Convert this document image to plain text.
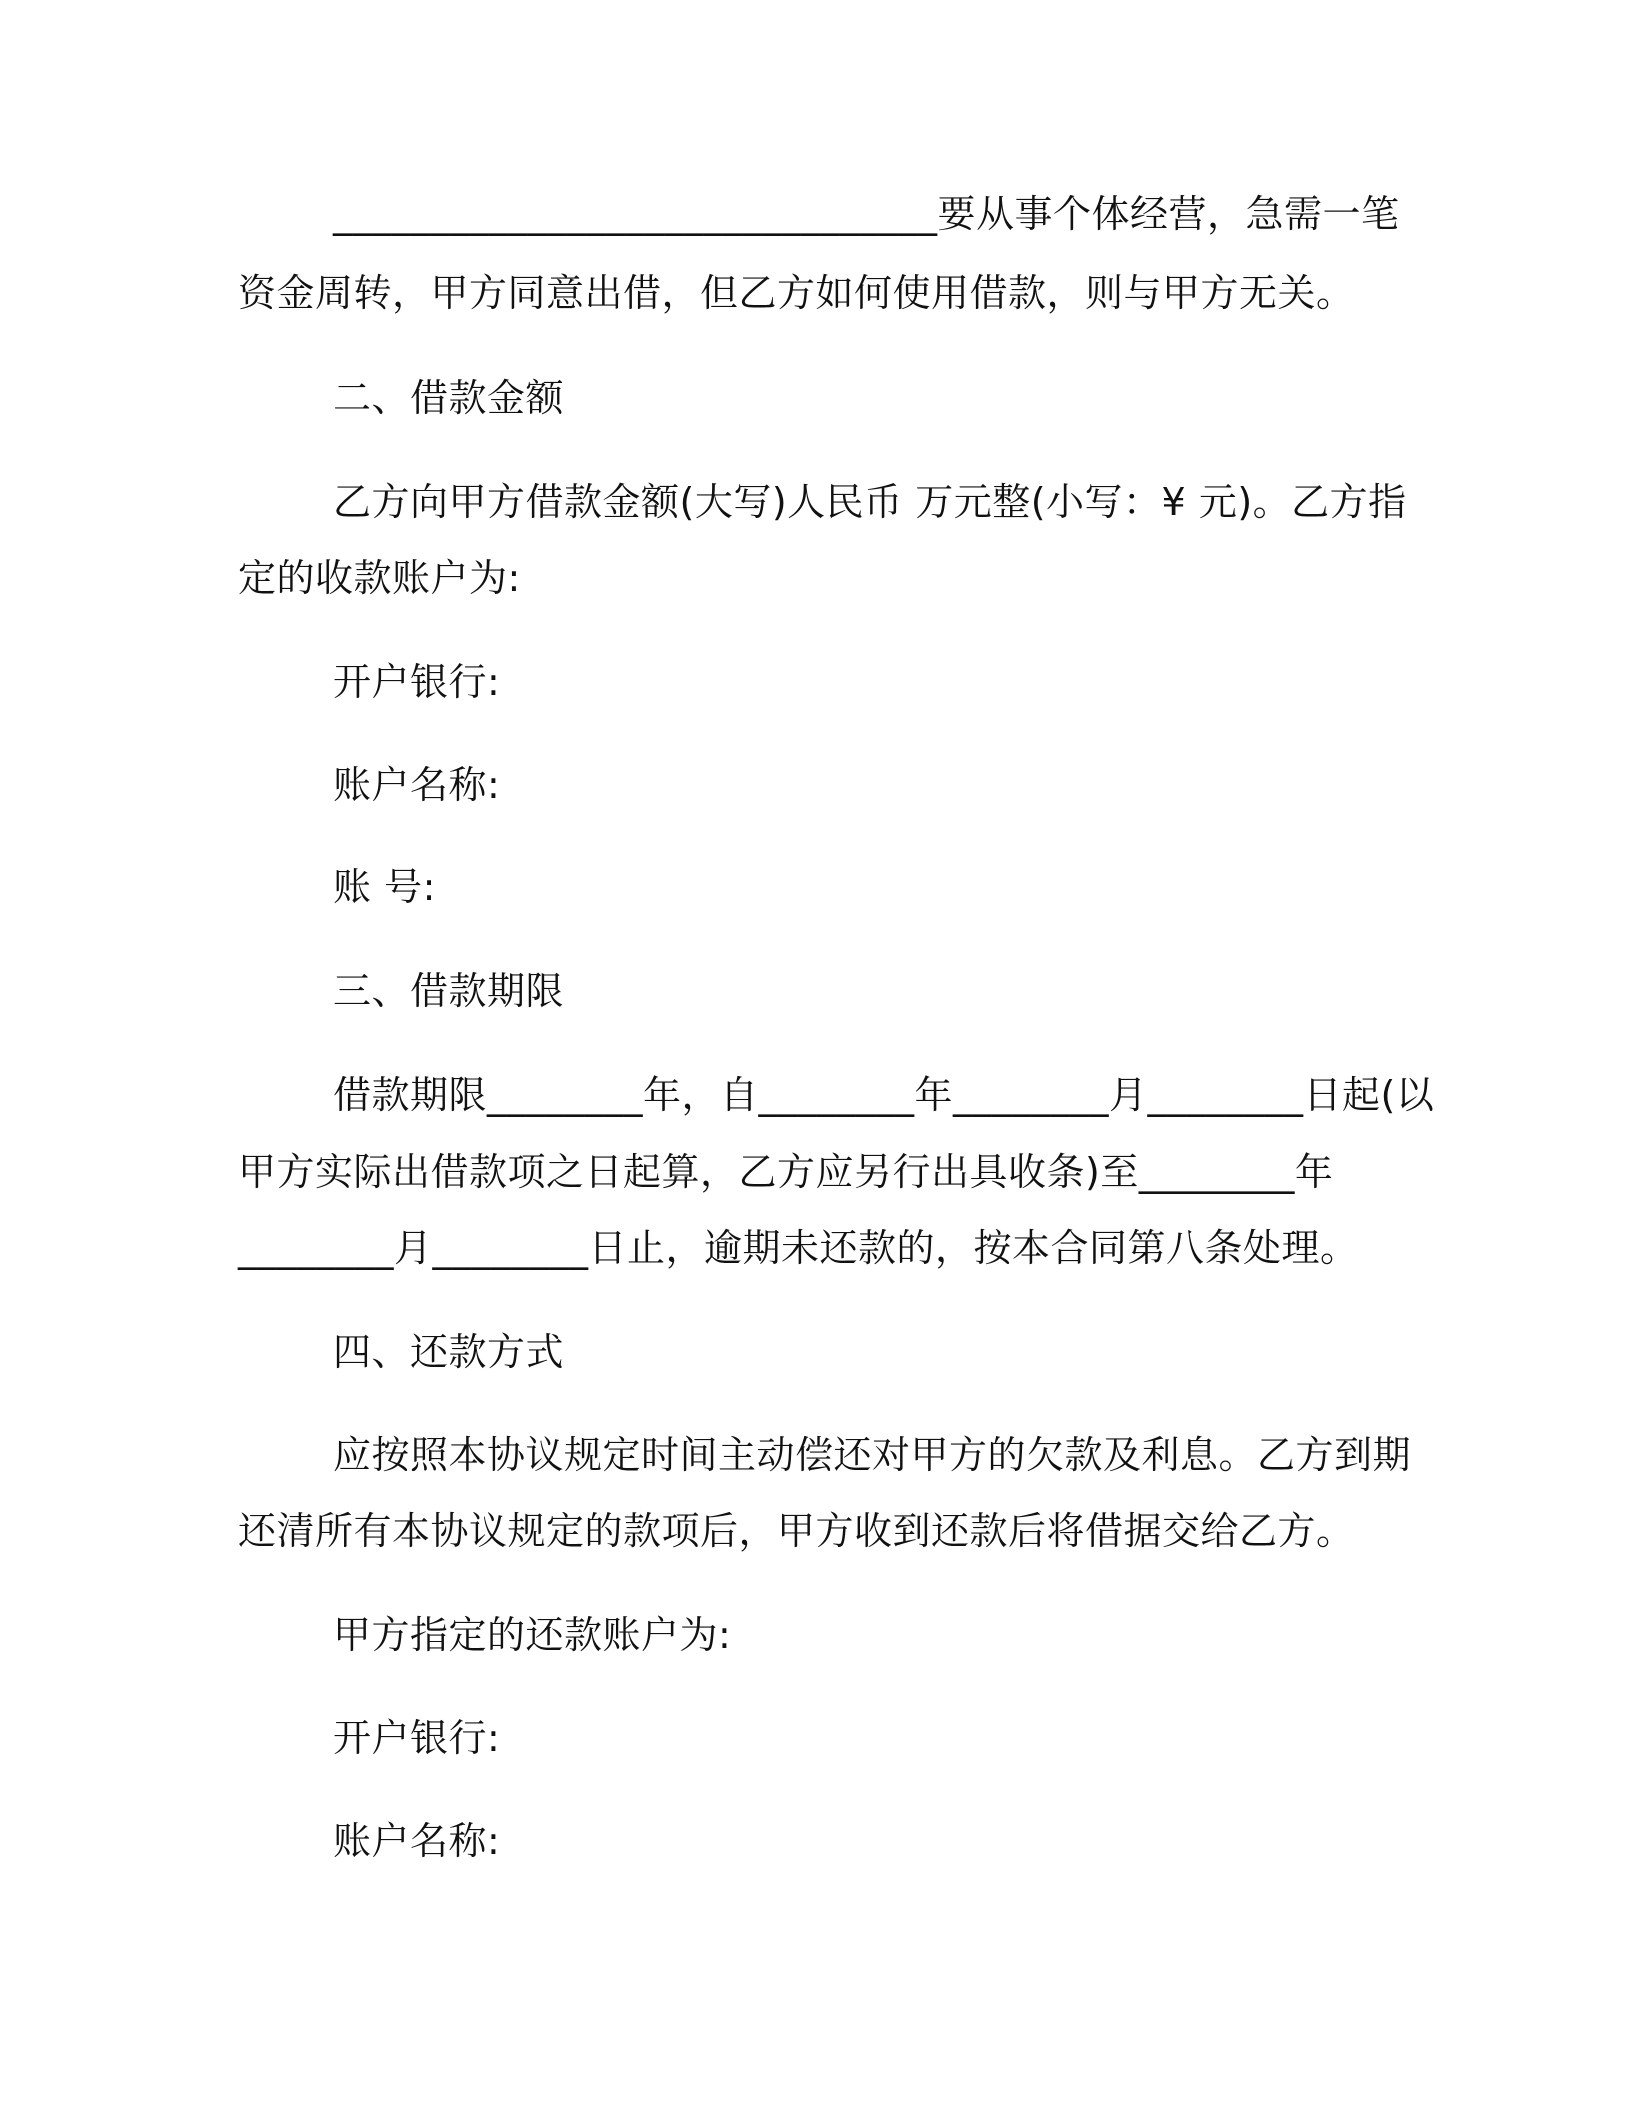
_______________________________要从事个体经营，急需一笔
资金周转，甲方同意出借，但乙方如何使用借款，则与甲方无关。
二、借款金额
乙方向甲方借款金额(大写)人民币 万元整(小写：¥ 元)。乙方指
定的收款账户为:
开户银行:
账户名称:
账 号:
三、借款期限
借款期限________年，自________年________月________日起(以
甲方实际出借款项之日起算，乙方应另行出具收条)至________年
________月________日止，逾期未还款的，按本合同第八条处理。
四、还款方式
应按照本协议规定时间主动偿还对甲方的欠款及利息。乙方到期
还清所有本协议规定的款项后，甲方收到还款后将借据交给乙方。
甲方指定的还款账户为:
开户银行:
账户名称:
